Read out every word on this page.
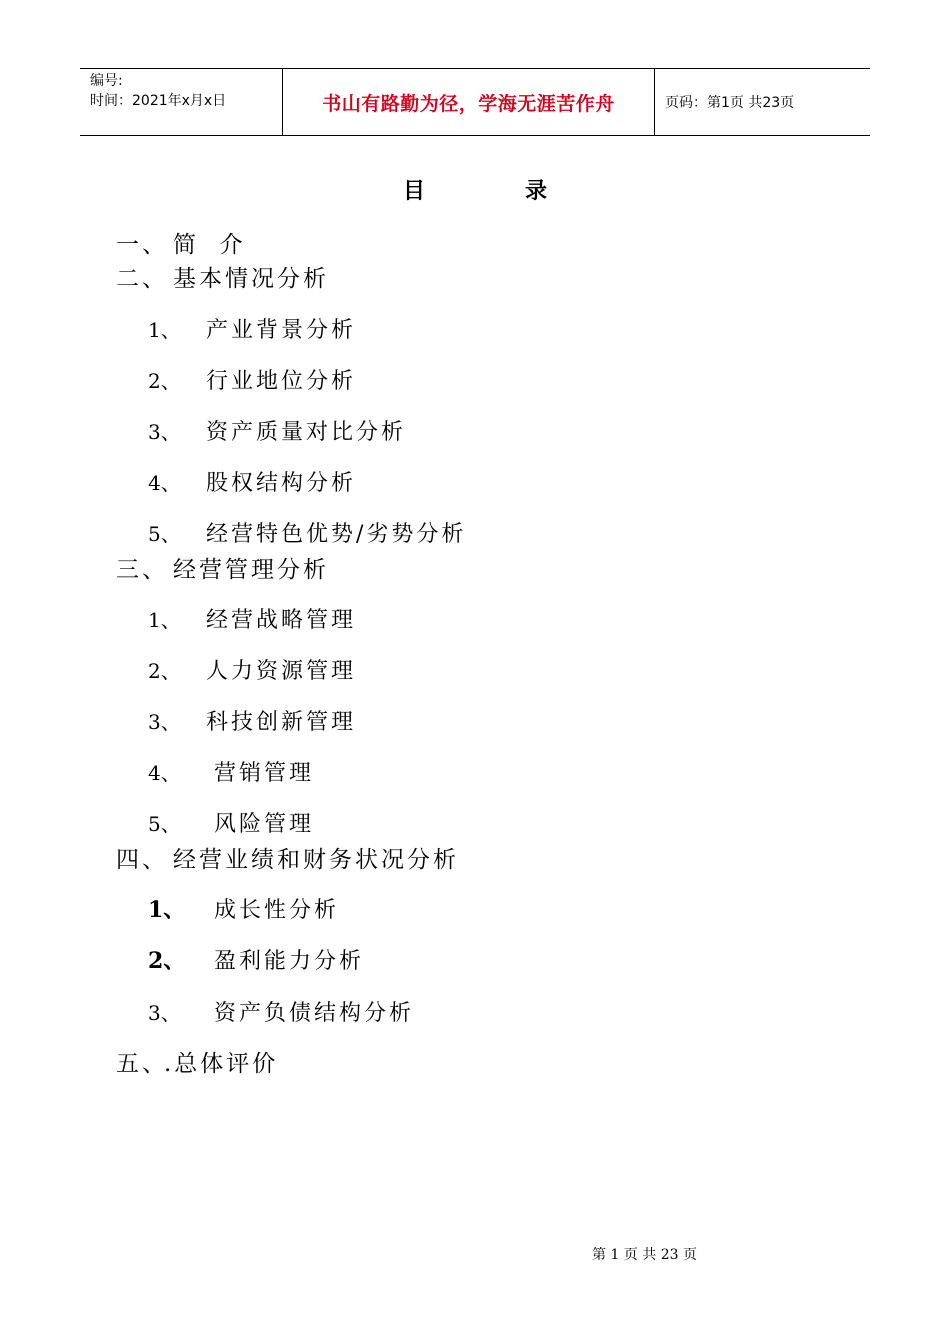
编号:
时间：2021年x月x日	书山有路勤为径，学海无涯苦作舟	页码：第1页 共23页
目	录
一、 简  介
二、 基本情况分析
1、 产业背景分析
2、 行业地位分析
3、 资产质量对比分析
4、 股权结构分析
5、 经营特色优势/劣势分析
三、 经营管理分析
1、 经营战略管理
2、 人力资源管理
3、 科技创新管理
4、 营销管理
5、 风险管理
四、 经营业绩和财务状况分析
1、 成长性分析
2、 盈利能力分析
3、 资产负债结构分析
五、.总体评价
第 1 页 共 23 页
